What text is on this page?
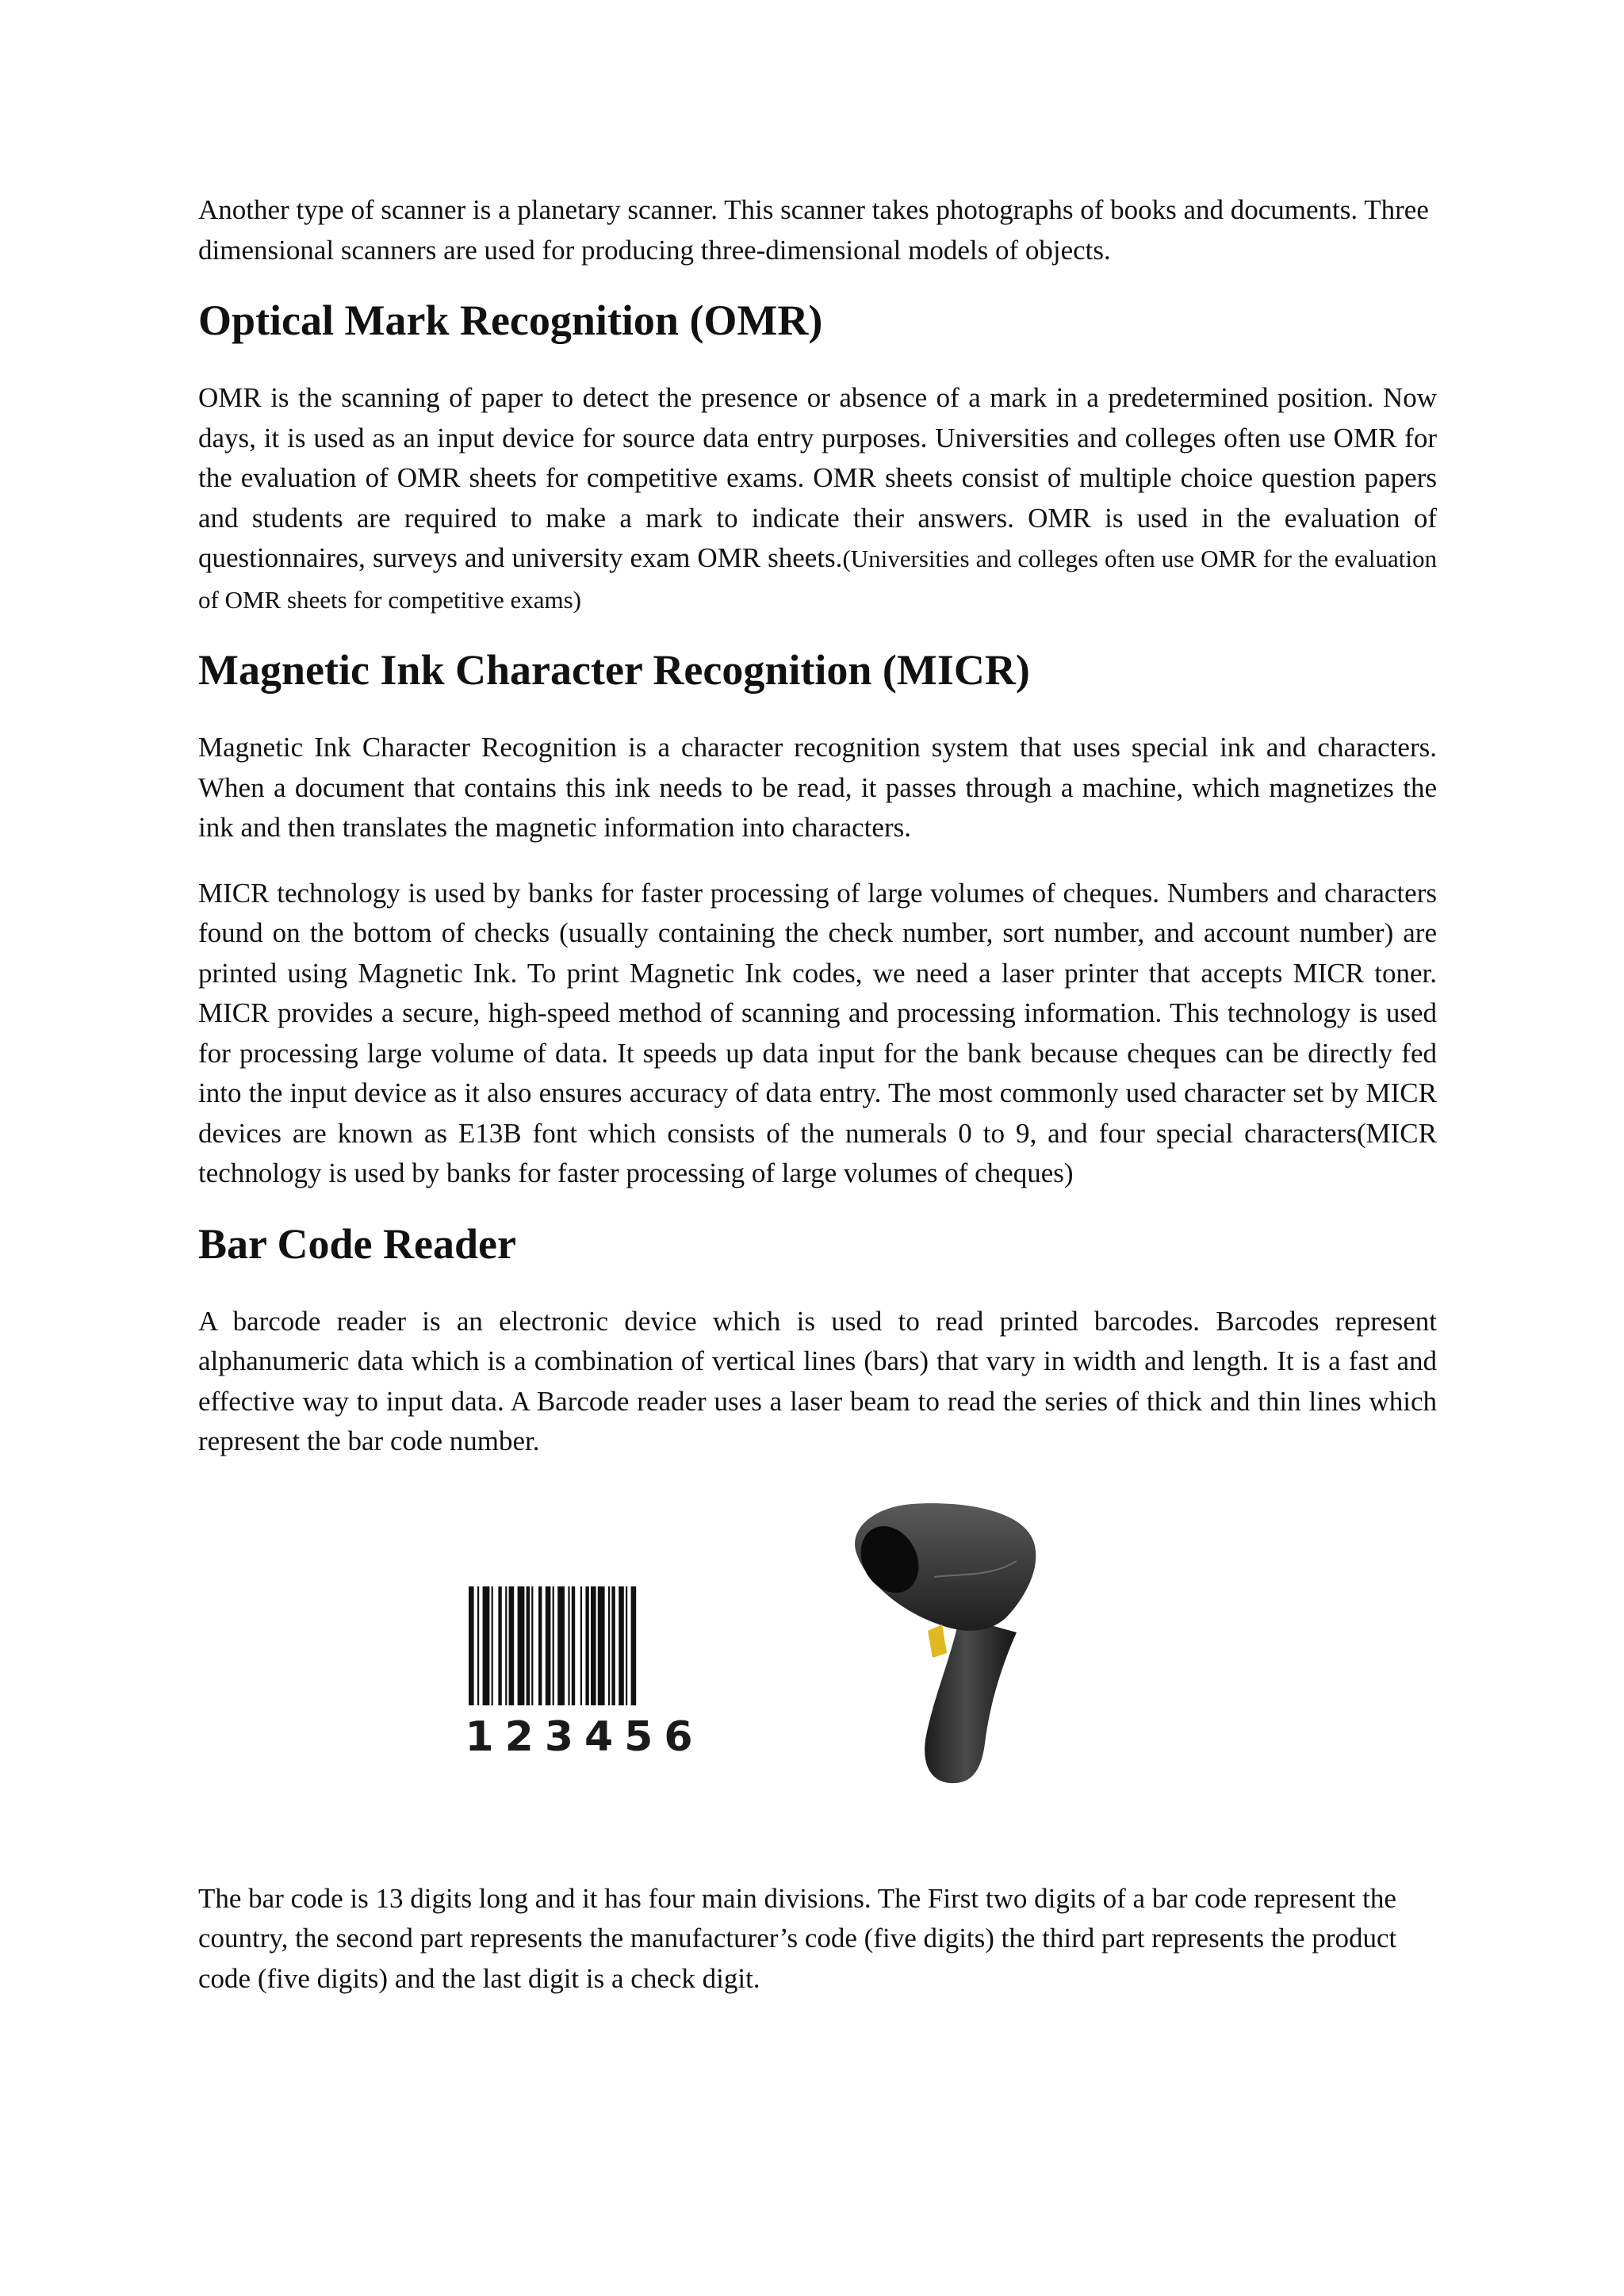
Another type of scanner is a planetary scanner. This scanner takes photographs of books and documents. Three dimensional scanners are used for producing three-dimensional models of objects.

Optical Mark Recognition (OMR)

OMR is the scanning of paper to detect the presence or absence of a mark in a predetermined position. Now days, it is used as an input device for source data entry purposes. Universities and colleges often use OMR for the evaluation of OMR sheets for competitive exams. OMR sheets consist of multiple choice question papers and students are required to make a mark to indicate their answers. OMR is used in the evaluation of questionnaires, surveys and university exam OMR sheets.(Universities and colleges often use OMR for the evaluation of OMR sheets for competitive exams)

Magnetic Ink Character Recognition (MICR)

Magnetic Ink Character Recognition is a character recognition system that uses special ink and characters. When a document that contains this ink needs to be read, it passes through a machine, which magnetizes the ink and then translates the magnetic information into characters.

MICR technology is used by banks for faster processing of large volumes of cheques. Numbers and characters found on the bottom of checks (usually containing the check number, sort number, and account number) are printed using Magnetic Ink. To print Magnetic Ink codes, we need a laser printer that accepts MICR toner. MICR provides a secure, high-speed method of scanning and processing information. This technology is used for processing large volume of data. It speeds up data input for the bank because cheques can be directly fed into the input device as it also ensures accuracy of data entry. The most commonly used character set by MICR devices are known as E13B font which consists of the numerals 0 to 9, and four special characters(MICR technology is used by banks for faster processing of large volumes of cheques)

Bar Code Reader

A barcode reader is an electronic device which is used to read printed barcodes. Barcodes represent alphanumeric data which is a combination of vertical lines (bars) that vary in width and length. It is a fast and effective way to input data. A Barcode reader uses a laser beam to read the series of thick and thin lines which represent the bar code number.

123456

The bar code is 13 digits long and it has four main divisions. The First two digits of a bar code represent the country, the second part represents the manufacturer’s code (five digits) the third part represents the product code (five digits) and the last digit is a check digit.
